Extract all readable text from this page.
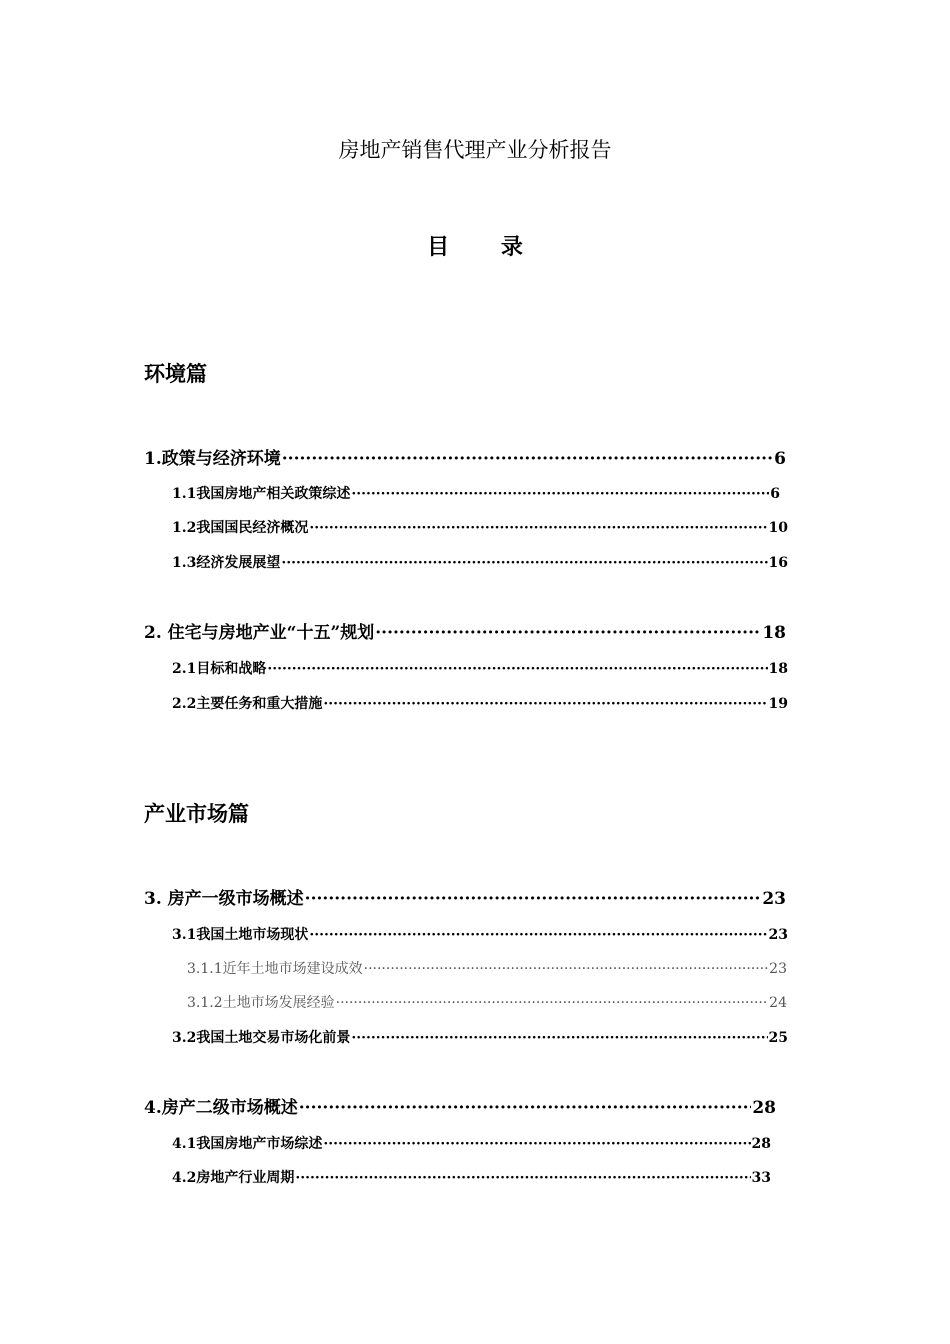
房地产销售代理产业分析报告
目 录
环境篇
1.政策与经济环境 ·····	6
1.1我国房地产相关政策综述 ·····	6
1.2我国国民经济概况 ·····	10
1.3经济发展展望 ·····	16
2. 住宅与房地产业“十五”规划 ·····	18
2.1目标和战略 ·····	18
2.2主要任务和重大措施 ·····	19
产业市场篇
3. 房产一级市场概述 ·····	23
3.1我国土地市场现状 ·····	23
3.1.1近年土地市场建设成效 ·····	23
3.1.2土地市场发展经验 ·····	24
3.2我国土地交易市场化前景 ·····	25
4.房产二级市场概述 ·····	28
4.1我国房地产市场综述 ·····	28
4.2房地产行业周期 ·····	33
